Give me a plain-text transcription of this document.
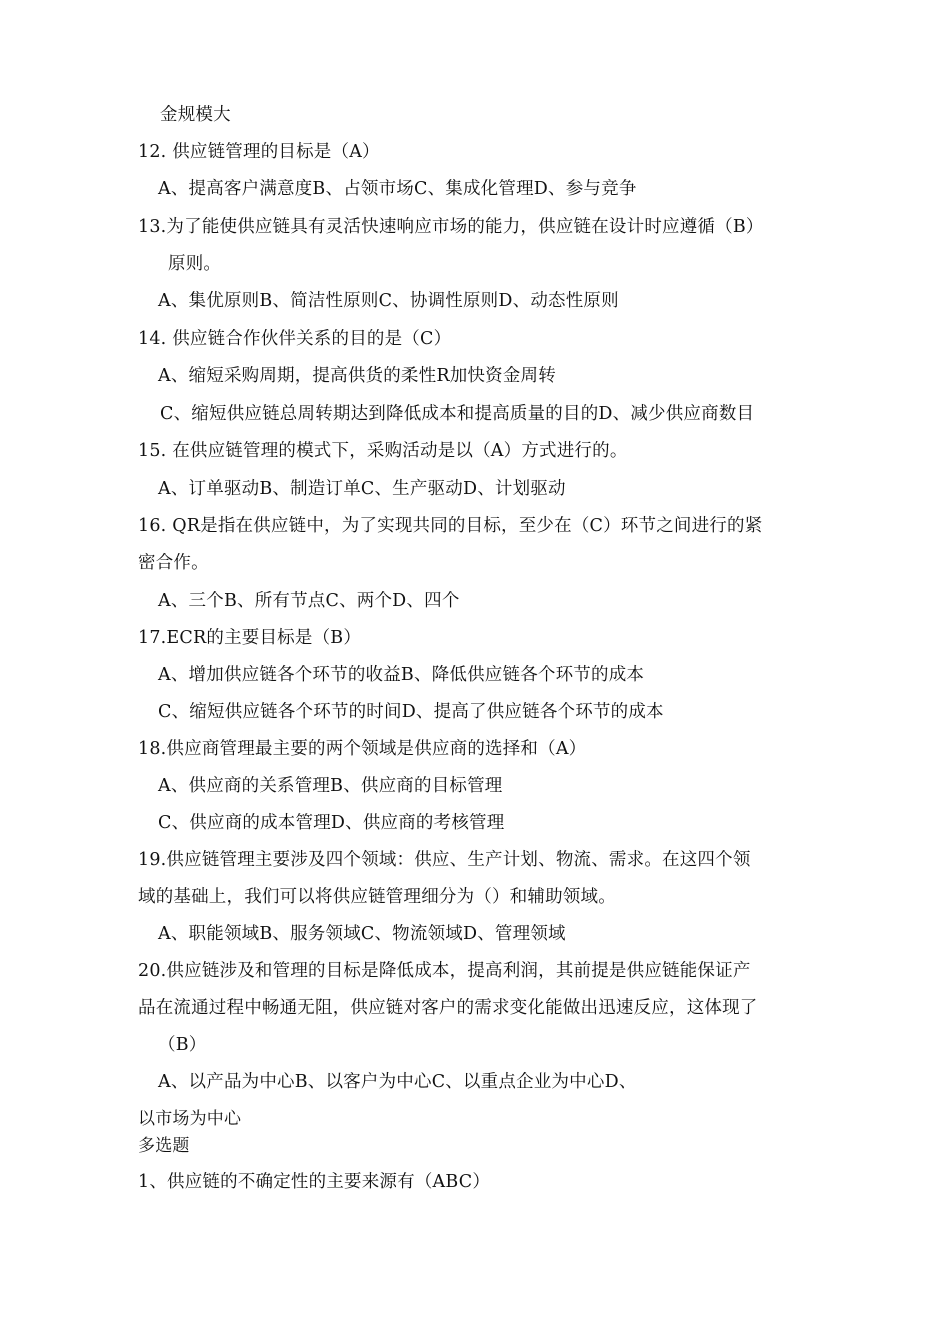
金规模大
12. 供应链管理的目标是（A）
A、提高客户满意度B、占领市场C、集成化管理D、参与竞争
13.为了能使供应链具有灵活快速响应市场的能力，供应链在设计时应遵循（B）
原则。
A、集优原则B、简洁性原则C、协调性原则D、动态性原则
14. 供应链合作伙伴关系的目的是（C）
A、缩短采购周期，提高供货的柔性R加快资金周转
C、缩短供应链总周转期达到降低成本和提高质量的目的D、减少供应商数目
15. 在供应链管理的模式下，采购活动是以（A）方式进行的。
A、订单驱动B、制造订单C、生产驱动D、计划驱动
16. QR是指在供应链中，为了实现共同的目标，至少在（C）环节之间进行的紧
密合作。
A、三个B、所有节点C、两个D、四个
17.ECR的主要目标是（B）
A、增加供应链各个环节的收益B、降低供应链各个环节的成本
C、缩短供应链各个环节的时间D、提高了供应链各个环节的成本
18.供应商管理最主要的两个领域是供应商的选择和（A）
A、供应商的关系管理B、供应商的目标管理
C、供应商的成本管理D、供应商的考核管理
19.供应链管理主要涉及四个领域：供应、生产计划、物流、需求。在这四个领
域的基础上，我们可以将供应链管理细分为（）和辅助领域。
A、职能领域B、服务领域C、物流领域D、管理领域
20.供应链涉及和管理的目标是降低成本，提高利润，其前提是供应链能保证产
品在流通过程中畅通无阻，供应链对客户的需求变化能做出迅速反应，这体现了
（B）
A、以产品为中心B、以客户为中心C、以重点企业为中心D、
以市场为中心
多选题
1、供应链的不确定性的主要来源有（ABC）
